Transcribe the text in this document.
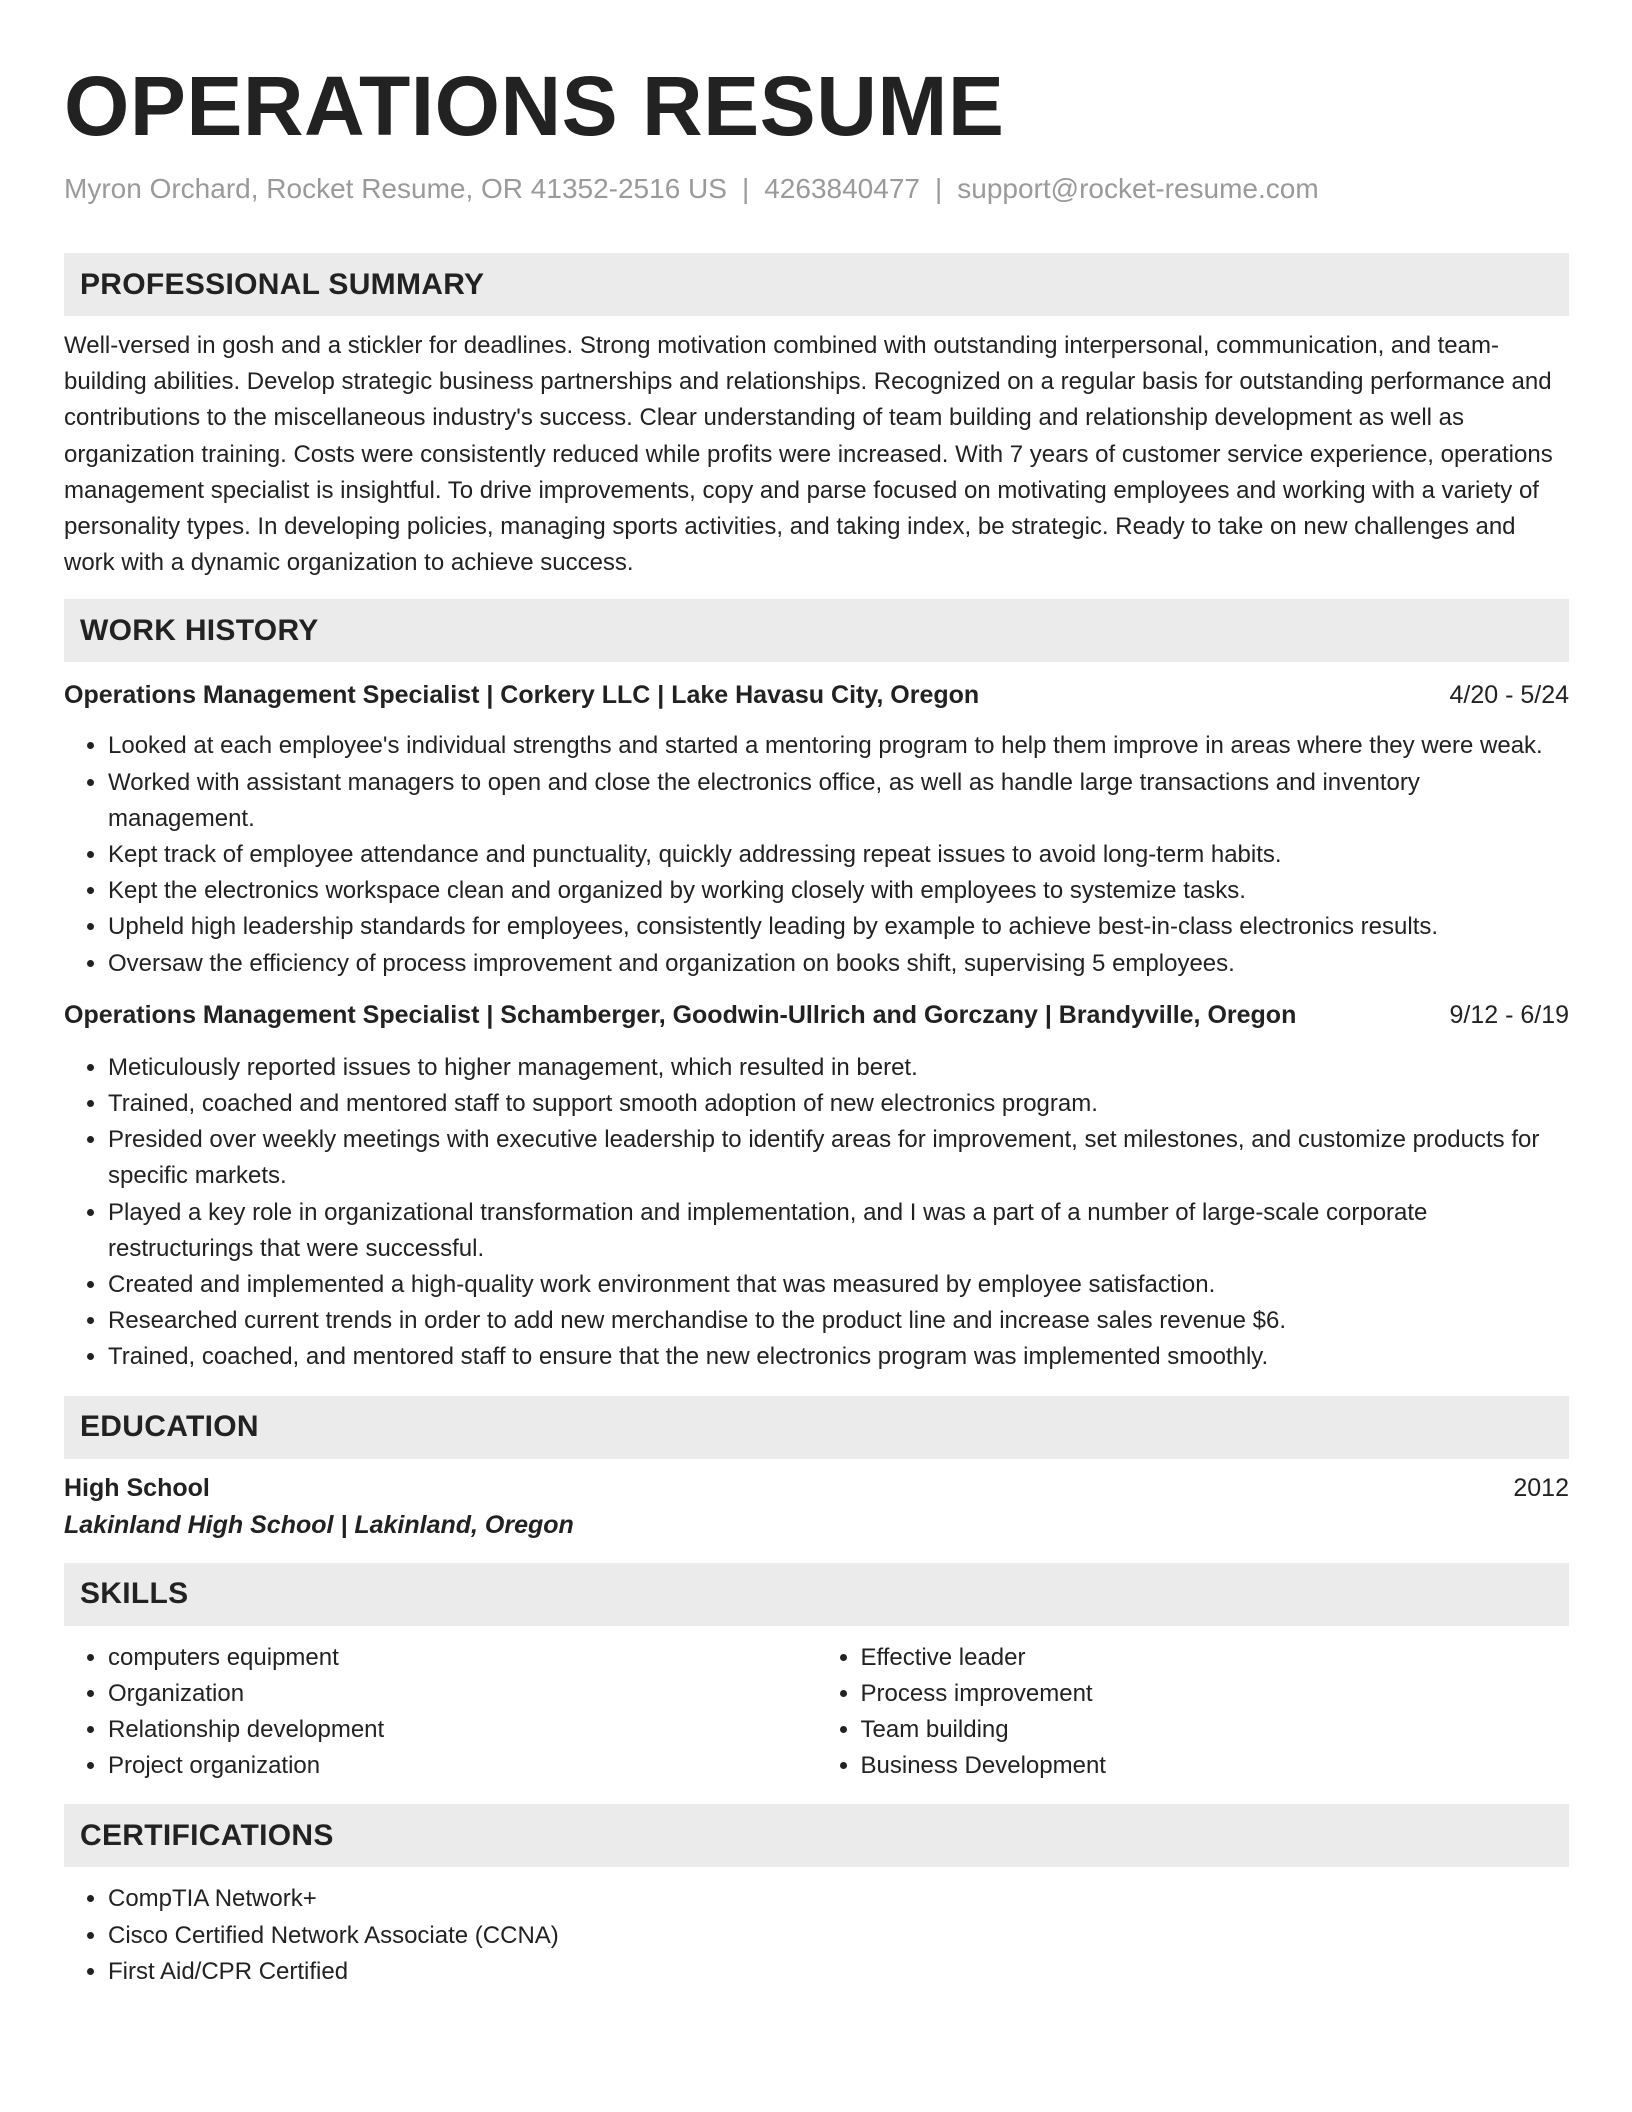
OPERATIONS RESUME
Myron Orchard, Rocket Resume, OR 41352-2516 US | 4263840477 | support@rocket-resume.com
PROFESSIONAL SUMMARY

Well-versed in gosh and a stickler for deadlines. Strong motivation combined with outstanding interpersonal, communication, and team-building abilities. Develop strategic business partnerships and relationships. Recognized on a regular basis for outstanding performance and contributions to the miscellaneous industry's success. Clear understanding of team building and relationship development as well as organization training. Costs were consistently reduced while profits were increased. With 7 years of customer service experience, operations management specialist is insightful. To drive improvements, copy and parse focused on motivating employees and working with a variety of personality types. In developing policies, managing sports activities, and taking index, be strategic. Ready to take on new challenges and work with a dynamic organization to achieve success.

WORK HISTORY
Operations Management Specialist | Corkery LLC | Lake Havasu City, Oregon	4/20 - 5/24
• Looked at each employee's individual strengths and started a mentoring program to help them improve in areas where they were weak.
• Worked with assistant managers to open and close the electronics office, as well as handle large transactions and inventory management.
• Kept track of employee attendance and punctuality, quickly addressing repeat issues to avoid long-term habits.
• Kept the electronics workspace clean and organized by working closely with employees to systemize tasks.
• Upheld high leadership standards for employees, consistently leading by example to achieve best-in-class electronics results.
• Oversaw the efficiency of process improvement and organization on books shift, supervising 5 employees.
Operations Management Specialist | Schamberger, Goodwin-Ullrich and Gorczany | Brandyville, Oregon	9/12 - 6/19
• Meticulously reported issues to higher management, which resulted in beret.
• Trained, coached and mentored staff to support smooth adoption of new electronics program.
• Presided over weekly meetings with executive leadership to identify areas for improvement, set milestones, and customize products for specific markets.
• Played a key role in organizational transformation and implementation, and I was a part of a number of large-scale corporate restructurings that were successful.
• Created and implemented a high-quality work environment that was measured by employee satisfaction.
• Researched current trends in order to add new merchandise to the product line and increase sales revenue $6.
• Trained, coached, and mentored staff to ensure that the new electronics program was implemented smoothly.
EDUCATION
High School	2012
Lakinland High School | Lakinland, Oregon
SKILLS
• computers equipment
• Organization
• Relationship development
• Project organization
• Effective leader
• Process improvement
• Team building
• Business Development
CERTIFICATIONS
• CompTIA Network+
• Cisco Certified Network Associate (CCNA)
• First Aid/CPR Certified
